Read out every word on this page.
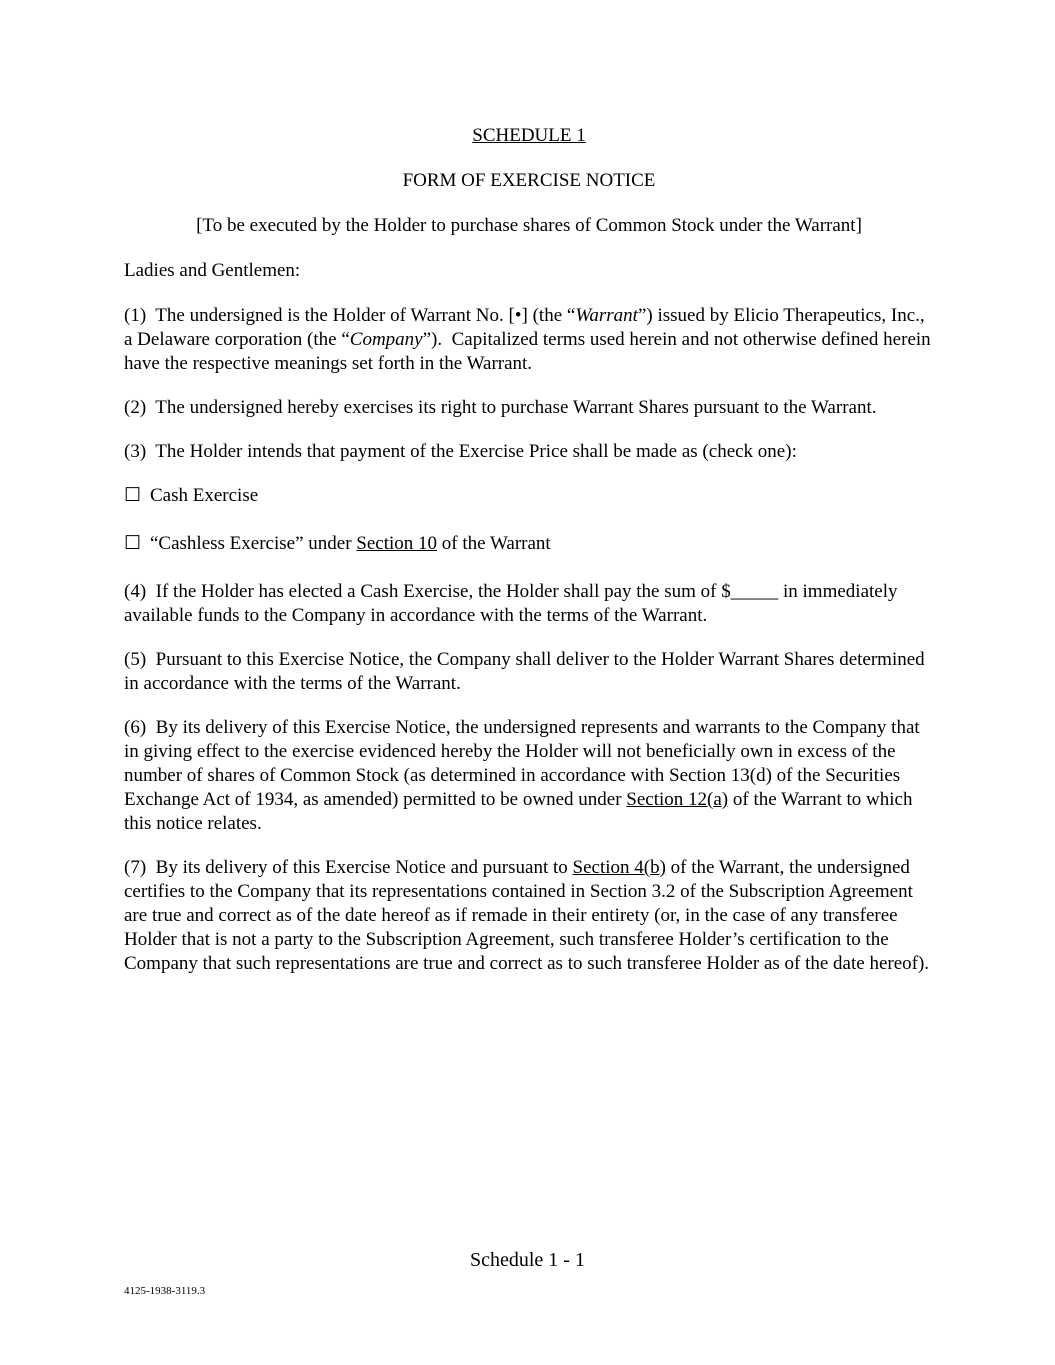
SCHEDULE 1

FORM OF EXERCISE NOTICE

[To be executed by the Holder to purchase shares of Common Stock under the Warrant]

Ladies and Gentlemen:

(1)  The undersigned is the Holder of Warrant No. [•] (the “Warrant”) issued by Elicio Therapeutics, Inc., a Delaware corporation (the “Company”).  Capitalized terms used herein and not otherwise defined herein have the respective meanings set forth in the Warrant.

(2)  The undersigned hereby exercises its right to purchase Warrant Shares pursuant to the Warrant.

(3)  The Holder intends that payment of the Exercise Price shall be made as (check one):

☐ Cash Exercise

☐ “Cashless Exercise” under Section 10 of the Warrant

(4)  If the Holder has elected a Cash Exercise, the Holder shall pay the sum of $_____ in immediately available funds to the Company in accordance with the terms of the Warrant.

(5)  Pursuant to this Exercise Notice, the Company shall deliver to the Holder Warrant Shares determined in accordance with the terms of the Warrant.

(6)  By its delivery of this Exercise Notice, the undersigned represents and warrants to the Company that in giving effect to the exercise evidenced hereby the Holder will not beneficially own in excess of the number of shares of Common Stock (as determined in accordance with Section 13(d) of the Securities Exchange Act of 1934, as amended) permitted to be owned under Section 12(a) of the Warrant to which this notice relates.

(7)  By its delivery of this Exercise Notice and pursuant to Section 4(b) of the Warrant, the undersigned certifies to the Company that its representations contained in Section 3.2 of the Subscription Agreement are true and correct as of the date hereof as if remade in their entirety (or, in the case of any transferee Holder that is not a party to the Subscription Agreement, such transferee Holder’s certification to the Company that such representations are true and correct as to such transferee Holder as of the date hereof).

Schedule 1 - 1
4125-1938-3119.3
